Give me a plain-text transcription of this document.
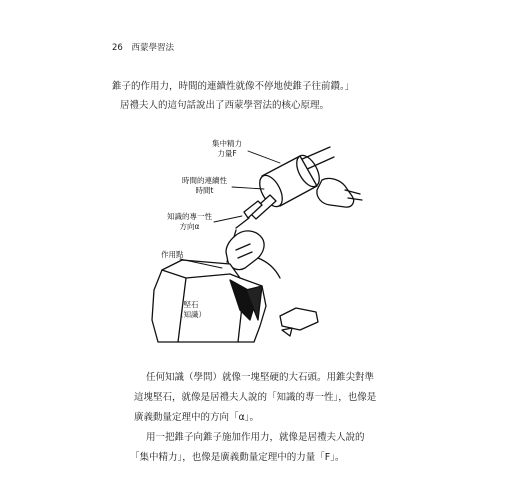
26 西蒙學習法
錐子的作用力，時間的連續性就像不停地使錐子往前鑽。」
居禮夫人的這句話說出了西蒙學習法的核心原理。
集中精力
力量F
時間的連續性
時間t
知識的專一性
方向α
作用點
堅石
（知識）
任何知識（學問）就像一塊堅硬的大石頭。用錐尖對準
這塊堅石，就像是居禮夫人說的「知識的專一性」，也像是
廣義動量定理中的方向「α」。
用一把錐子向錐子施加作用力，就像是居禮夫人說的
「集中精力」，也像是廣義動量定理中的力量「F」。
